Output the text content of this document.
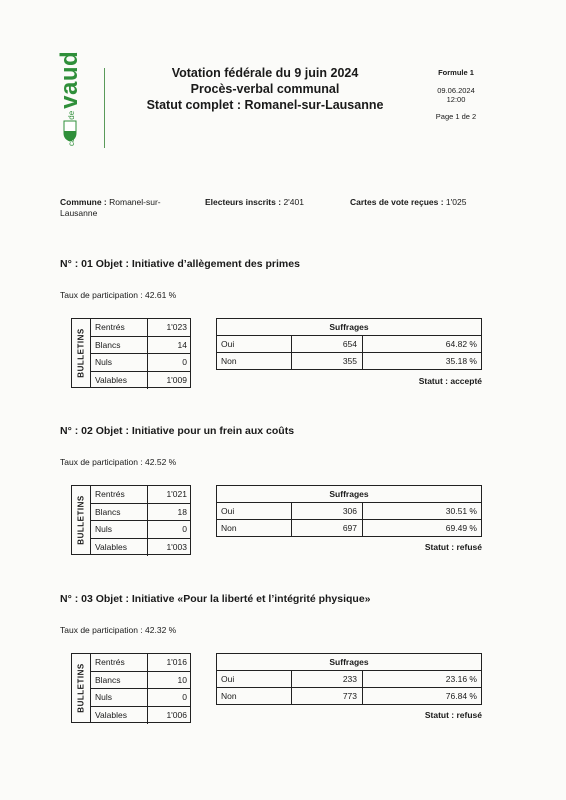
vaud	Votation fédérale du 9 juin 2024
Procès-verbal communal
Statut complet : Romanel-sur-Lausanne
Formule 1
09.06.2024
12:00
Page 1 de 2
Commune : Romanel-sur-
Lausanne
Electeurs inscrits : 2'401	Cartes de vote reçues : 1'025
N° : 01 Objet : Initiative d’allègement des primes
Taux de participation : 42.61 %
BULLETINS
Rentrés	1'023
Blancs	14
Nuls	0
Valables	1'009
Suffrages
Oui	654	64.82 %
Non	355	35.18 %
Statut : accepté
N° : 02 Objet : Initiative pour un frein aux coûts
Taux de participation : 42.52 %
BULLETINS
Rentrés	1'021
Blancs	18
Nuls	0
Valables	1'003
Suffrages
Oui	306	30.51 %
Non	697	69.49 %
Statut : refusé
N° : 03 Objet : Initiative «Pour la liberté et l’intégrité physique»
Taux de participation : 42.32 %
BULLETINS
Rentrés	1'016
Blancs	10
Nuls	0
Valables	1'006
Suffrages
Oui	233	23.16 %
Non	773	76.84 %
Statut : refusé
